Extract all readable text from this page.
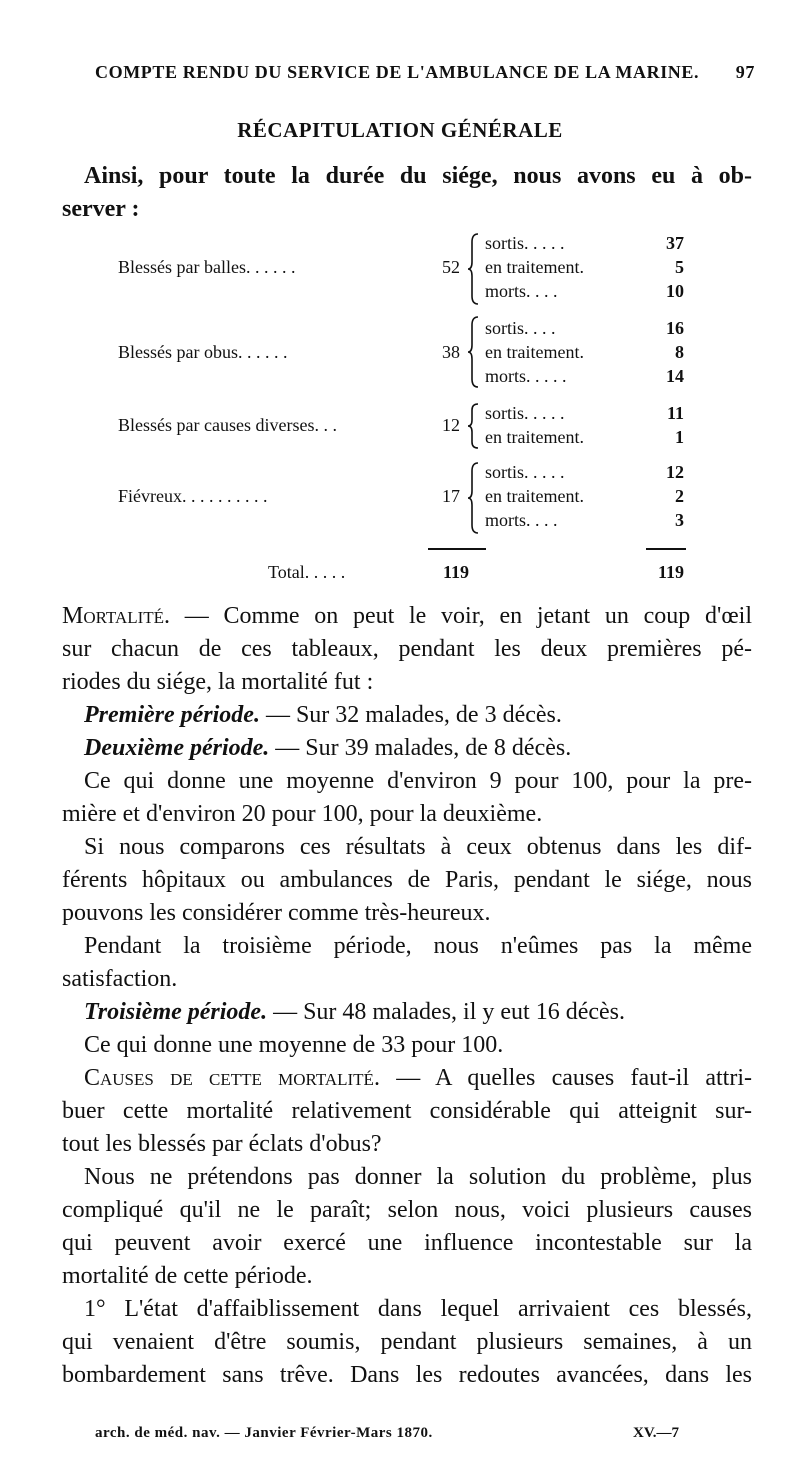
COMPTE RENDU DU SERVICE DE L'AMBULANCE DE LA MARINE. 97
RÉCAPITULATION GÉNÉRALE
Ainsi, pour toute la durée du siége, nous avons eu à ob-
server :
Blessés par balles. . . . . .	52
sortis. . . . .	37
en traitement.	5
morts. . . .	10
Blessés par obus. . . . . .	38
sortis. . . .	16
en traitement.	8
morts. . . . .	14
Blessés par causes diverses. . .	12
sortis. . . . .	11
en traitement.	1
Fiévreux. . . . . . . . . .	17
sortis. . . . .	12
en traitement.	2
morts. . . .	3
Total. . . . .	119	119
Mortalité. — Comme on peut le voir, en jetant un coup d'œil
sur chacun de ces tableaux, pendant les deux premières pé-
riodes du siége, la mortalité fut :
Première période. — Sur 32 malades, de 3 décès.
Deuxième période. — Sur 39 malades, de 8 décès.
Ce qui donne une moyenne d'environ 9 pour 100, pour la pre-
mière et d'environ 20 pour 100, pour la deuxième.
Si nous comparons ces résultats à ceux obtenus dans les dif-
férents hôpitaux ou ambulances de Paris, pendant le siége, nous
pouvons les considérer comme très-heureux.
Pendant la troisième période, nous n'eûmes pas la même
satisfaction.
Troisième période. — Sur 48 malades, il y eut 16 décès.
Ce qui donne une moyenne de 33 pour 100.
Causes de cette mortalité. — A quelles causes faut-il attri-
buer cette mortalité relativement considérable qui atteignit sur-
tout les blessés par éclats d'obus?
Nous ne prétendons pas donner la solution du problème, plus
compliqué qu'il ne le paraît; selon nous, voici plusieurs causes
qui peuvent avoir exercé une influence incontestable sur la
mortalité de cette période.
1° L'état d'affaiblissement dans lequel arrivaient ces blessés,
qui venaient d'être soumis, pendant plusieurs semaines, à un
bombardement sans trêve. Dans les redoutes avancées, dans les
arch. de méd. nav. — Janvier Février-Mars 1870.	XV.—7
